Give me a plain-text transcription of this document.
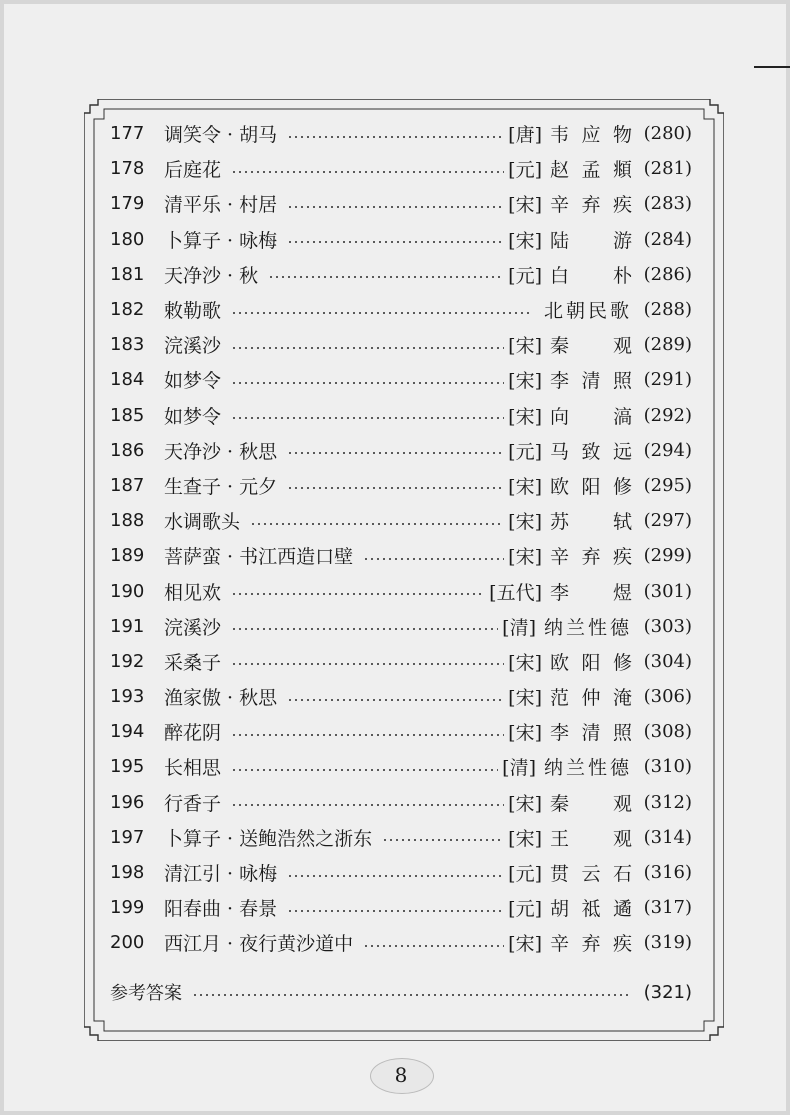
177	调笑令 · 胡马	[唐] 韦应物 (280)
178	后庭花	[元] 赵孟頫 (281)
179	清平乐 · 村居	[宋] 辛弃疾 (283)
180	卜算子 · 咏梅	[宋] 陆游 (284)
181	天净沙 · 秋	[元] 白朴 (286)
182	敕勒歌	北朝民歌 (288)
183	浣溪沙	[宋] 秦观 (289)
184	如梦令	[宋] 李清照 (291)
185	如梦令	[宋] 向滈 (292)
186	天净沙 · 秋思	[元] 马致远 (294)
187	生查子 · 元夕	[宋] 欧阳修 (295)
188	水调歌头	[宋] 苏轼 (297)
189	菩萨蛮 · 书江西造口壁	[宋] 辛弃疾 (299)
190	相见欢	[五代] 李煜 (301)
191	浣溪沙	[清] 纳兰性德 (303)
192	采桑子	[宋] 欧阳修 (304)
193	渔家傲 · 秋思	[宋] 范仲淹 (306)
194	醉花阴	[宋] 李清照 (308)
195	长相思	[清] 纳兰性德 (310)
196	行香子	[宋] 秦观 (312)
197	卜算子 · 送鲍浩然之浙东	[宋] 王观 (314)
198	清江引 · 咏梅	[元] 贯云石 (316)
199	阳春曲 · 春景	[元] 胡祗遹 (317)
200	西江月 · 夜行黄沙道中	[宋] 辛弃疾 (319)
参考答案	(321)
8
